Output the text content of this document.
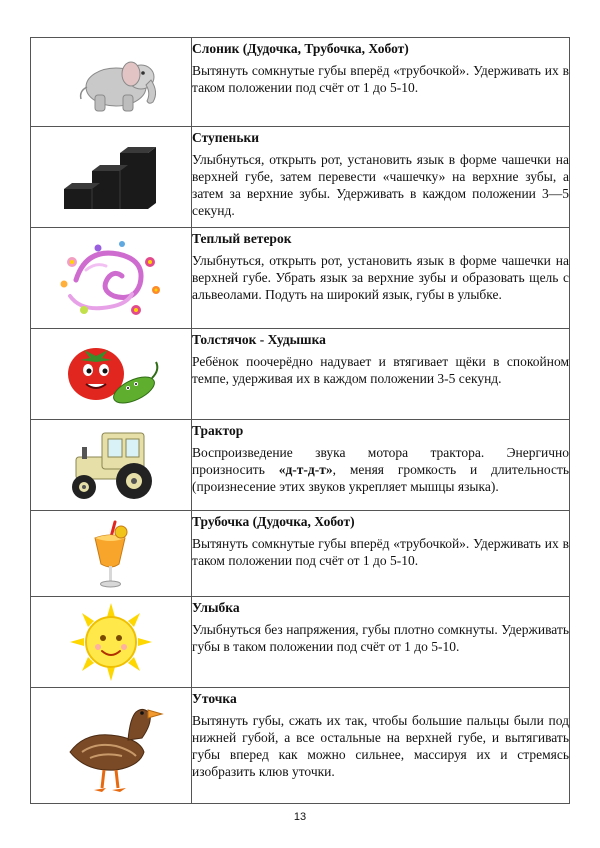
Слоник (Дудочка, Трубочка, Хобот)

Вытянуть сомкнутые губы вперёд «трубочкой». Удерживать их в таком положении под счёт от 1 до 5-10.

Ступеньки

Улыбнуться, открыть рот, установить язык в форме чашечки на верхней губе, затем перевести «чашечку» на верхние зубы, а затем за верхние зубы. Удерживать в каждом положении 3—5 секунд.

Теплый ветерок

Улыбнуться, открыть рот, установить язык в форме чашечки на верхней губе. Убрать язык за верхние зубы и образовать щель с альвеолами. Подуть на широкий язык, губы в улыбке.

Толстячок - Худышка

Ребёнок поочерёдно надувает и втягивает щёки в спокойном темпе, удерживая их в каждом положении 3-5 секунд.

Трактор

Воспроизведение звука мотора трактора. Энергично произносить «д-т-д-т», меняя громкость и длительность (произнесение этих звуков укрепляет мышцы языка).

Трубочка (Дудочка, Хобот)

Вытянуть сомкнутые губы вперёд «трубочкой». Удерживать их в таком положении под счёт от 1 до 5-10.

Улыбка

Улыбнуться без напряжения, губы плотно сомкнуты. Удерживать губы в таком положении под счёт от 1 до 5-10.

Уточка

Вытянуть губы, сжать их так, чтобы большие пальцы были под нижней губой, а все остальные на верхней губе, и вытягивать губы вперед как можно сильнее, массируя их и стремясь изобразить клюв уточки.

13
